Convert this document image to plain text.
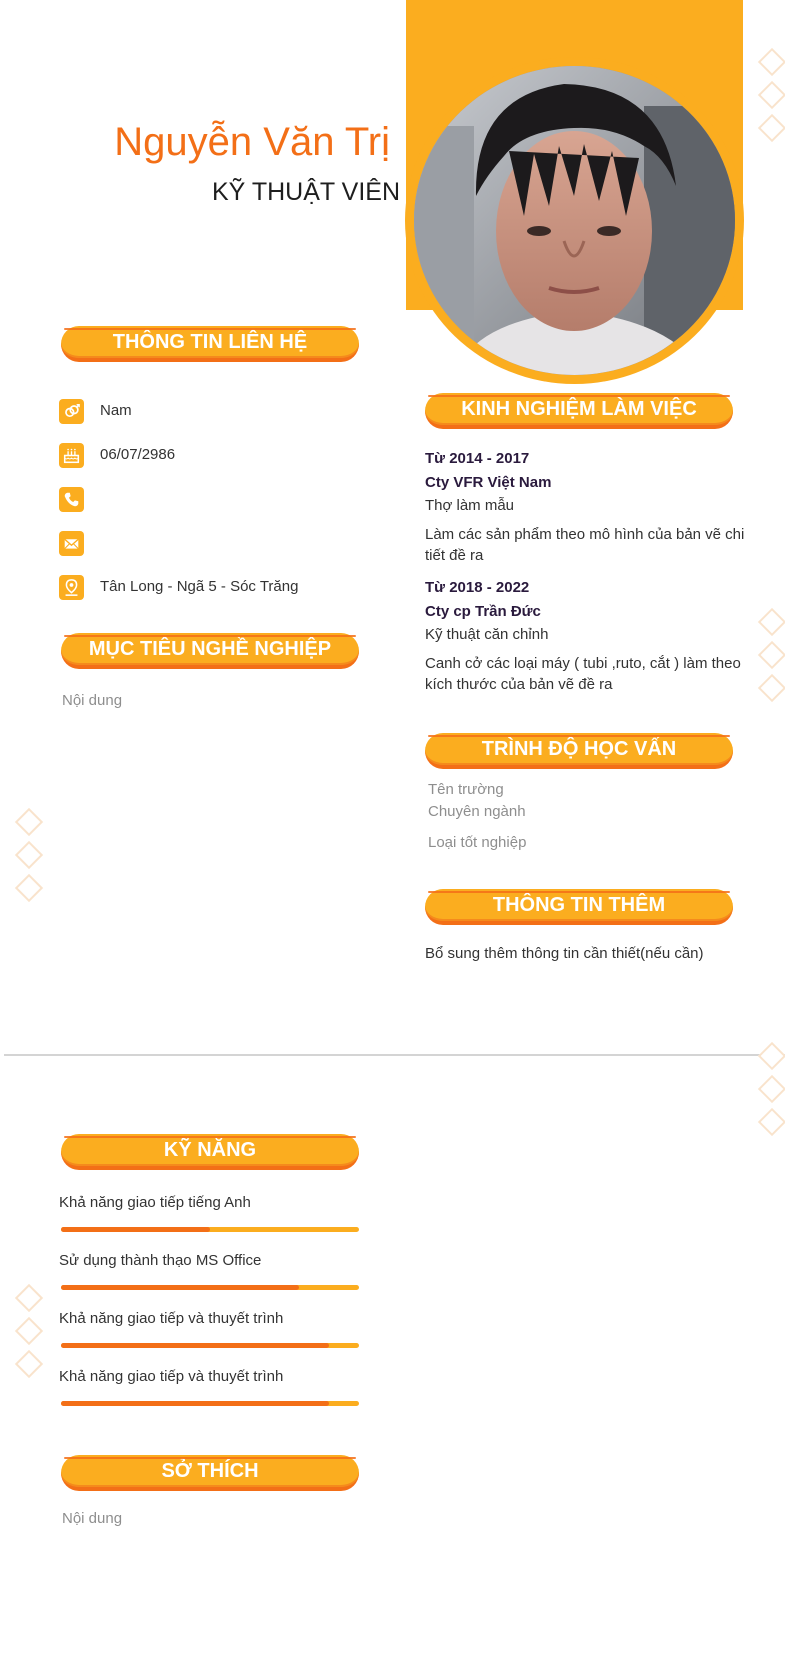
Nguyễn Văn Trị
KỸ THUẬT VIÊN
THÔNG TIN LIÊN HỆ
Nam
06/07/2986
Tân Long - Ngã 5 - Sóc Trăng
MỤC TIÊU NGHỀ NGHIỆP
Nội dung
KINH NGHIỆM LÀM VIỆC
Từ 2014 - 2017
Cty VFR Việt Nam
Thợ làm mẫu
Làm các sản phẩm theo mô hình của bản vẽ chi tiết đề ra
Từ 2018 - 2022
Cty cp Trần Đức
Kỹ thuật căn chỉnh
Canh cở các loại máy ( tubi ,ruto, cắt ) làm theo kích thước của bản vẽ đề ra
TRÌNH ĐỘ HỌC VẤN
Tên trường
Chuyên ngành
Loại tốt nghiệp
THÔNG TIN THÊM
Bổ sung thêm thông tin cần thiết(nếu cần)
KỸ NĂNG
Khả năng giao tiếp tiếng Anh
Sử dụng thành thạo MS Office
Khả năng giao tiếp và thuyết trình
Khả năng giao tiếp và thuyết trình
SỞ THÍCH
Nội dung
